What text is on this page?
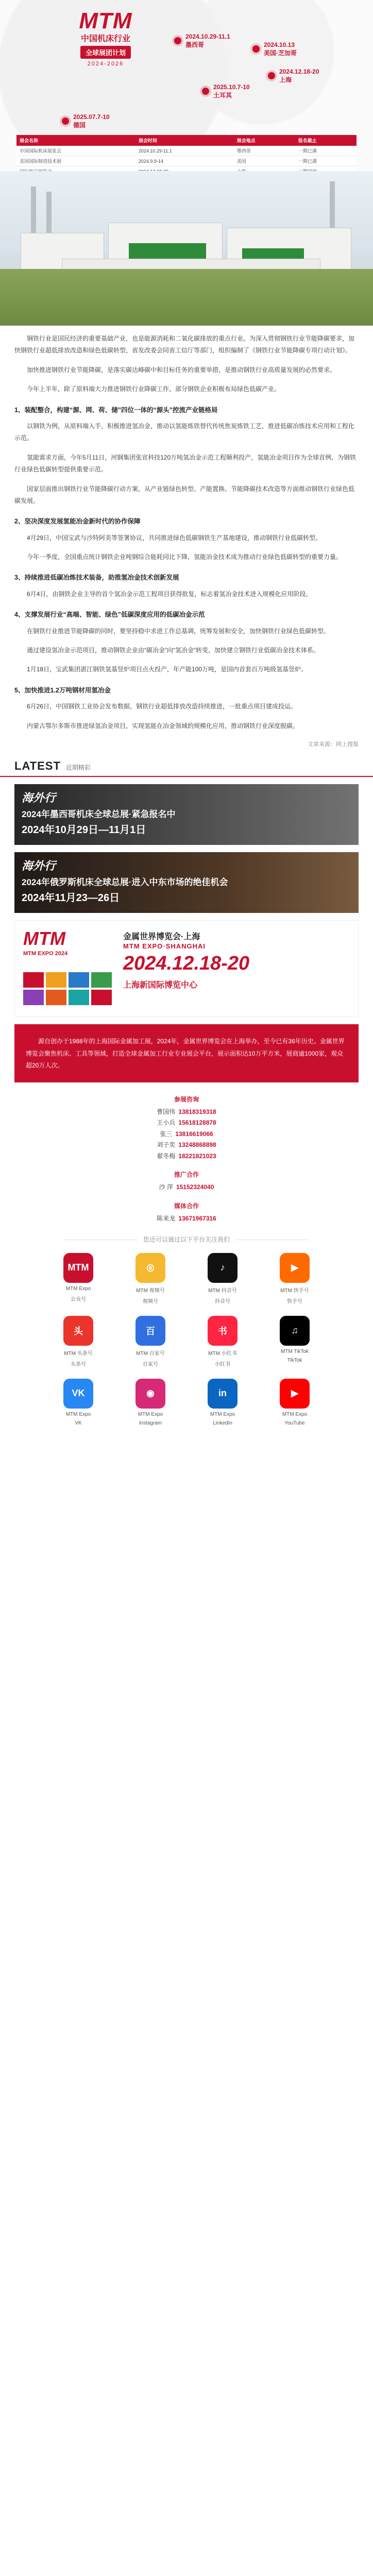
MTM
中国机床行业
全球展团计划
2024-2026
2024.10.29-11.1
墨西哥	2024.10.13
美国·芝加哥
2024.12.18-20
上海
2025.10.7-10
土耳其
2025.07.7-10
德国
展会名称	展会时间	展会地点	报名截止
中国国际机床展览会	2024.10.29-11.1	墨西哥	一期已满
美国国际制造技术展	2024.9.9-14	美国	一期已满

钢铁行业是国民经济的重要基础产业，也是能源消耗和二氧化碳排放的重点行业。为深入贯彻钢铁行业节能降碳要求，加快钢铁行业超低排放改造和绿色低碳转型，省发改委会同省工信厅等部门，组织编制了《钢铁行业节能降碳专项行动计划》。

加快推进钢铁行业节能降碳，是落实碳达峰碳中和目标任务的重要举措，是推动钢铁行业高质量发展的必然要求。

今年上半年，除了原料端大力推进钢铁行业降碳工作，部分钢铁企业积极布局绿色低碳产业。

1、装配整合，构建“源、网、荷、储”四位一体的“源头”控流产业链格局

以钢铁为例，从原料端入手，积极推进氢冶金，推动以氢能炼铁替代传统焦炭炼铁工艺，推进低碳冶炼技术应用和工程化示范。

氢能需求方面，今年5月11日，河钢集团张宣科技120万吨氢冶金示范工程顺利投产，氢能冶金项目作为全球首例，为钢铁行业绿色低碳转型提供重要示范。

国家层面推出钢铁行业节能降碳行动方案，从产业链绿色转型、产能置换、节能降碳技术改造等方面推动钢铁行业绿色低碳发展。

2、坚决深度发展氢能冶金新时代的协作保障

4月29日，中国宝武与沙特阿美等签署协议，共同推进绿色低碳钢铁生产基地建设，推动钢铁行业低碳转型。

今年一季度，全国重点统计钢铁企业吨钢综合能耗同比下降，氢能冶金技术成为推动行业绿色低碳转型的重要力量。

3、持续推进低碳冶炼技术装备，助推氢冶金技术创新发展

6月4日，由钢铁企业主导的首个氢冶金示范工程项目获得批复，标志着氢冶金技术进入规模化应用阶段。

4、支撑发展行业“高端、智能、绿色”低碳深度应用的低碳冶金示范

在钢铁行业推进节能降碳的同时，要坚持稳中求进工作总基调，统筹发展和安全，加快钢铁行业绿色低碳转型。

通过建设氢冶金示范项目，推动钢铁企业由“碳冶金”向“氢冶金”转变，加快建立钢铁行业低碳冶金技术体系。

1月18日，宝武集团湛江钢铁氢基竖炉项目点火投产，年产能100万吨，是国内首套百万吨级氢基竖炉。

5、加快推进1.2万吨钢材用氢冶金

6月26日，中国钢铁工业协会发布数据，钢铁行业超低排放改造持续推进，一批重点项目建成投运。

内蒙古鄂尔多斯市推进绿氢冶金项目，实现氢能在冶金领域的规模化应用，推动钢铁行业深度脱碳。

文章来源：网上搜集
LATEST 近期精彩
海外行
2024年墨西哥机床全球总展·紧急报名中
2024年10月29日—11月1日
海外行
2024年俄罗斯机床全球总展·进入中东市场的绝佳机会
2024年11月23—26日
MTM
MTM EXPO 2024
金属世界博览会·上海
MTM EXPO·SHANGHAI
2024.12.18-20
上海新国际博览中心

源自创办于1988年的上海国际金属加工展，2024年，金属世界博览会在上海举办，至今已有36年历史。金属世界博览会聚焦机床、工具等领域，打造全球金属加工行业专业展会平台，展示面积达10万平方米，展商逾1000家，观众超20万人次。

参展咨询
曹国伟 13818319318
王小兵 15618128878
张三 13816619066
刘子奕 13248868898
翟冬梅 18221821023
推广合作
沙 萍 15152324040
媒体合作
陈来龙 13671967316
您还可以通过以下平台关注我们
MTM
MTM Expo
公众号
◎
MTM 视频号
视频号
♪
MTM 抖音号
抖音号
▶
MTM 快手号
快手号
头
MTM 头条号
头条号
百
MTM 百家号
百家号
书
MTM 小红书
小红书
♫
MTM TikTok
TikTok
VK
MTM Expo
VK
◉
MTM Expo
Instagram
in
MTM Expo
LinkedIn
▶
MTM Expo
YouTube
